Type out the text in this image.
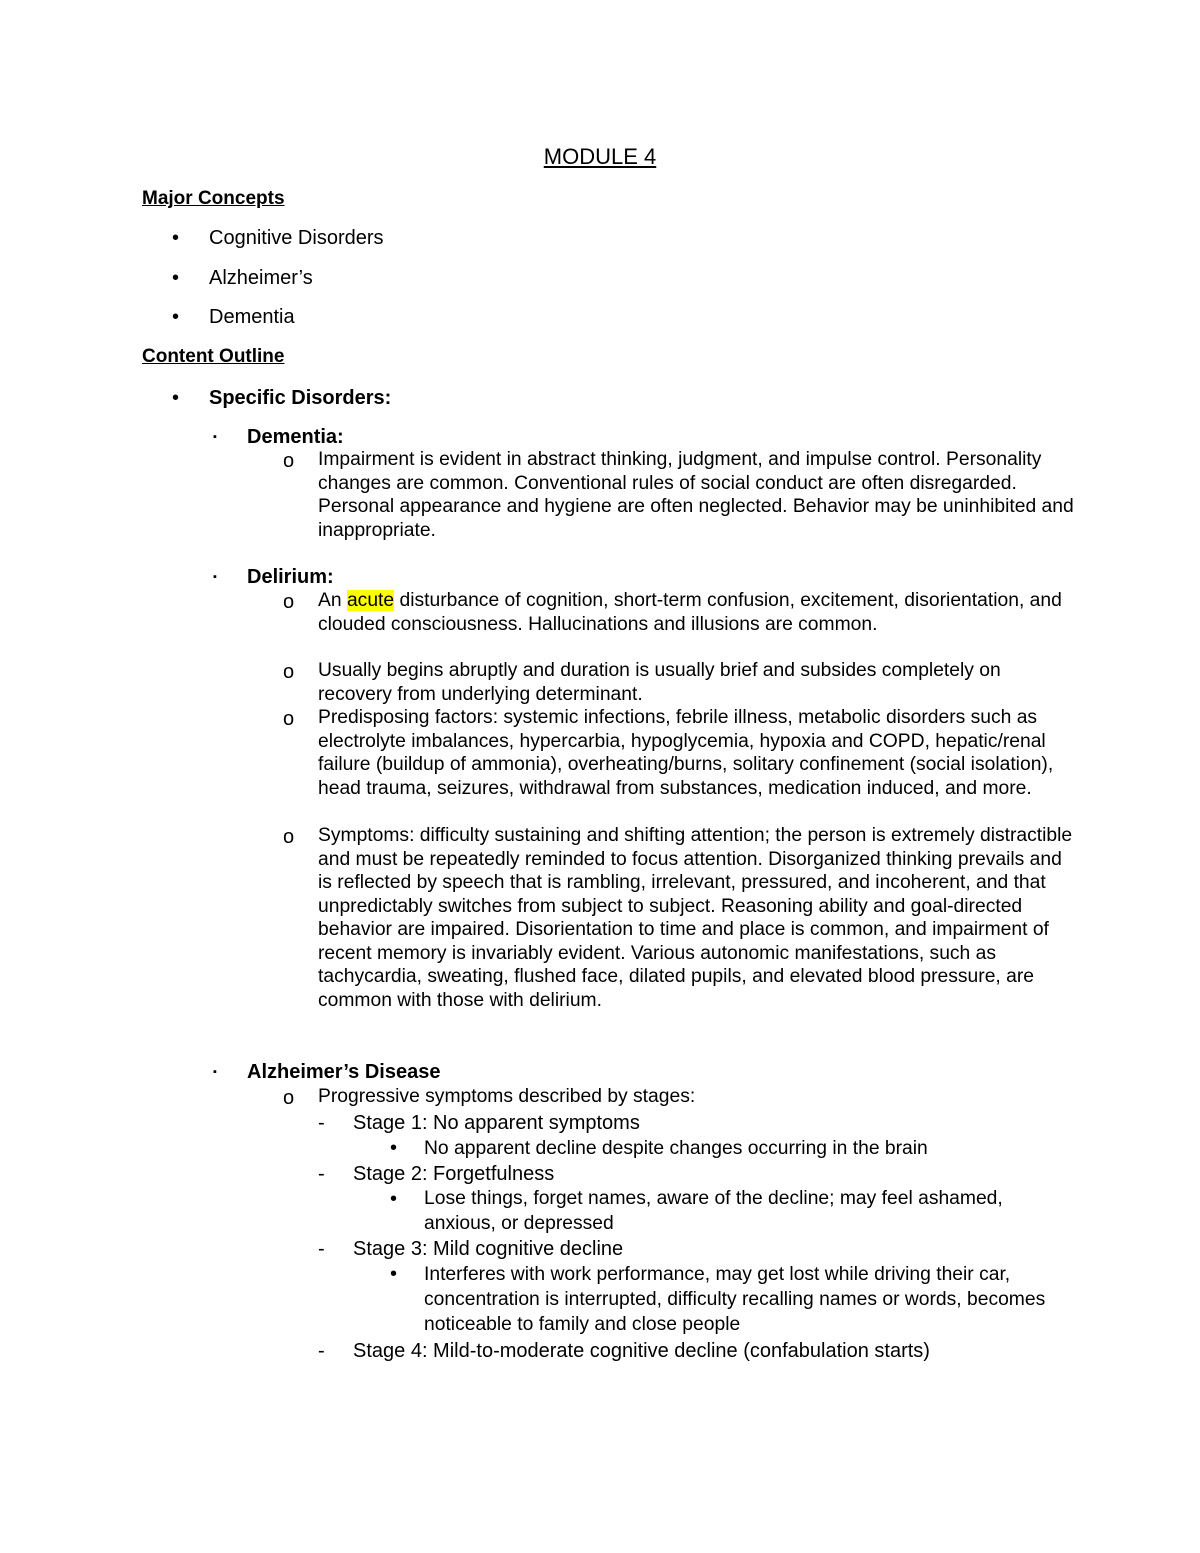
MODULE 4
Major Concepts
• Cognitive Disorders
• Alzheimer’s
• Dementia
Content Outline
• Specific Disorders:
▪ Dementia:
o Impairment is evident in abstract thinking, judgment, and impulse control. Personality changes are common. Conventional rules of social conduct are often disregarded. Personal appearance and hygiene are often neglected. Behavior may be uninhibited and inappropriate.
▪ Delirium:
o An acute disturbance of cognition, short-term confusion, excitement, disorientation, and clouded consciousness. Hallucinations and illusions are common.
o Usually begins abruptly and duration is usually brief and subsides completely on recovery from underlying determinant.
o Predisposing factors: systemic infections, febrile illness, metabolic disorders such as electrolyte imbalances, hypercarbia, hypoglycemia, hypoxia and COPD, hepatic/renal failure (buildup of ammonia), overheating/burns, solitary confinement (social isolation), head trauma, seizures, withdrawal from substances, medication induced, and more.
o Symptoms: difficulty sustaining and shifting attention; the person is extremely distractible and must be repeatedly reminded to focus attention. Disorganized thinking prevails and is reflected by speech that is rambling, irrelevant, pressured, and incoherent, and that unpredictably switches from subject to subject. Reasoning ability and goal-directed behavior are impaired. Disorientation to time and place is common, and impairment of recent memory is invariably evident. Various autonomic manifestations, such as tachycardia, sweating, flushed face, dilated pupils, and elevated blood pressure, are common with those with delirium.
▪ Alzheimer’s Disease
o Progressive symptoms described by stages:
- Stage 1: No apparent symptoms
• No apparent decline despite changes occurring in the brain
- Stage 2: Forgetfulness
• Lose things, forget names, aware of the decline; may feel ashamed, anxious, or depressed
- Stage 3: Mild cognitive decline
• Interferes with work performance, may get lost while driving their car, concentration is interrupted, difficulty recalling names or words, becomes noticeable to family and close people
- Stage 4: Mild-to-moderate cognitive decline (confabulation starts)
